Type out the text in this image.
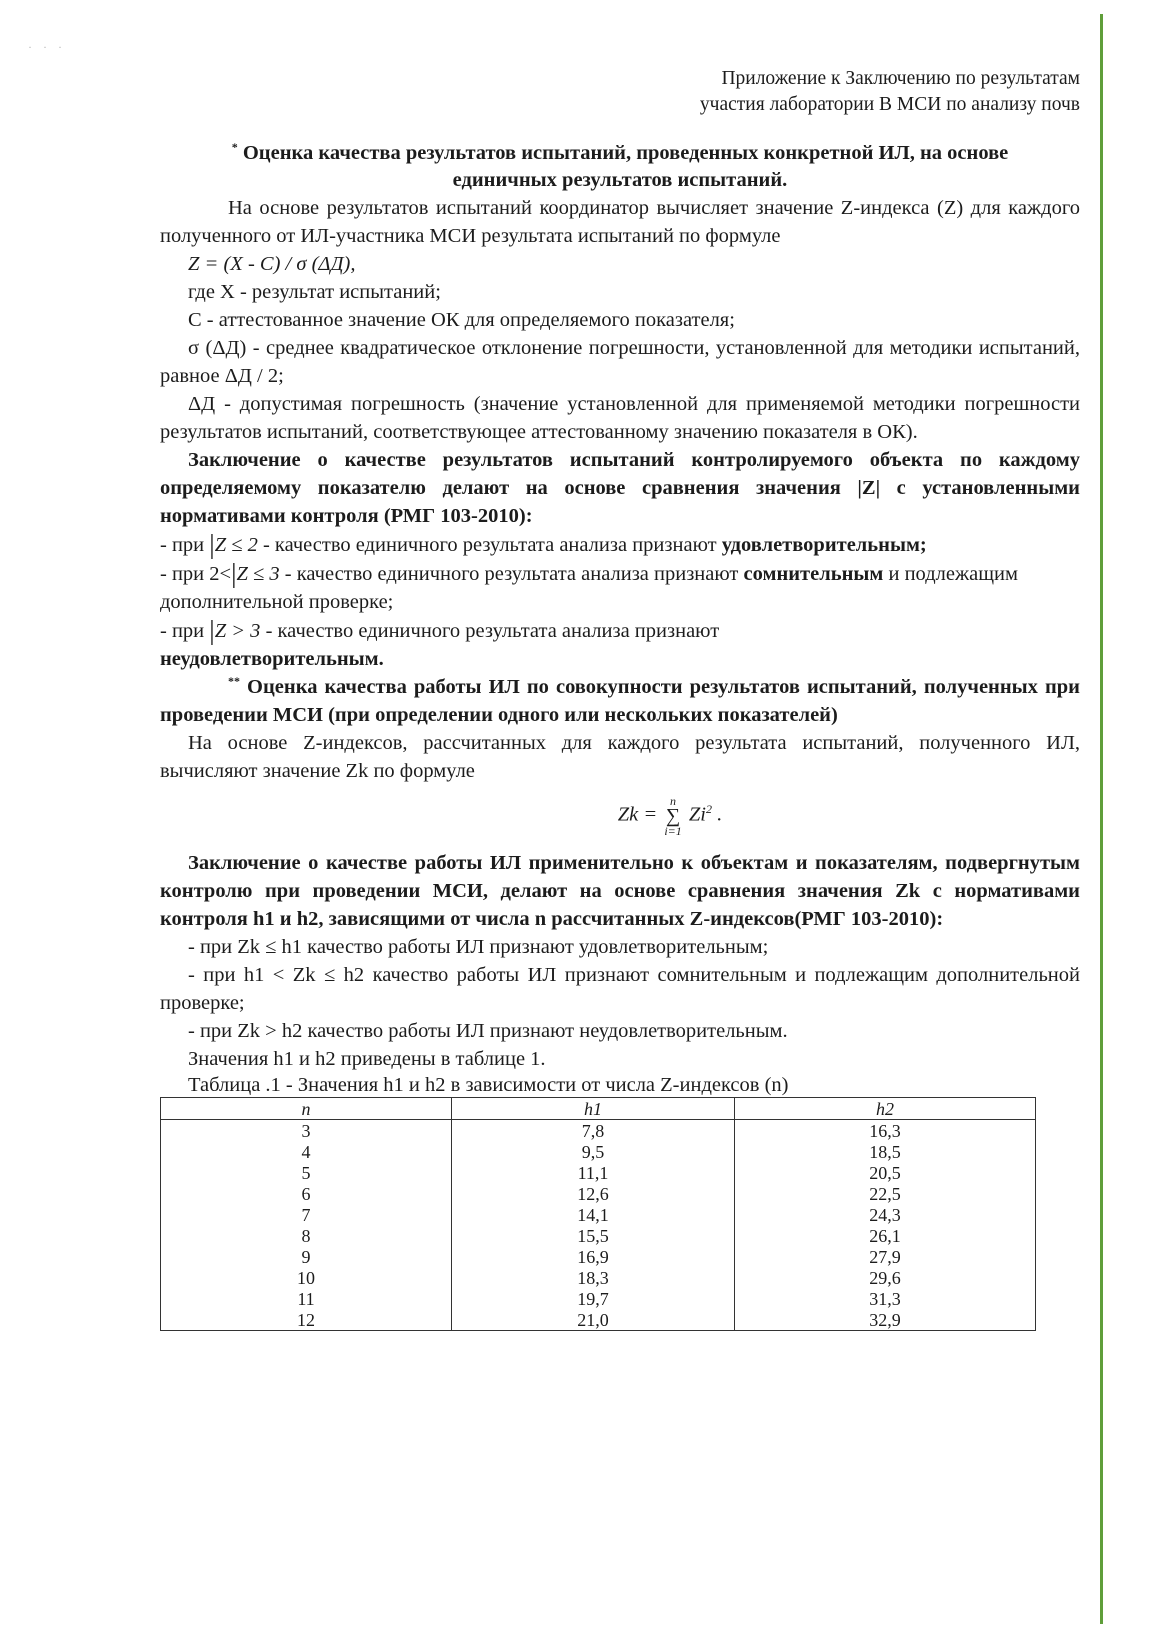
· · ·
Приложение к Заключению по результатам
участия лаборатории В МСИ по анализу почв
* Оценка качества результатов испытаний, проведенных конкретной ИЛ, на основе
единичных результатов испытаний.
На основе результатов испытаний координатор вычисляет значение Z-индекса (Z) для каждого полученного от ИЛ-участника МСИ результата испытаний по формуле
Z = (X - C) / σ (ΔД),
где X - результат испытаний;
C - аттестованное значение ОК для определяемого показателя;
σ (ΔД) - среднее квадратическое отклонение погрешности, установленной для методики испытаний, равное ΔД / 2;
ΔД - допустимая погрешность (значение установленной для применяемой методики погрешности результатов испытаний, соответствующее аттестованному значению показателя в ОК).
Заключение о качестве результатов испытаний контролируемого объекта по каждому определяемому показателю делают на основе сравнения значения |Z| с установленными нормативами контроля (РМГ 103-2010):
- при |Z ≤ 2 - качество единичного результата анализа признают удовлетворительным;
- при 2<|Z ≤ 3 - качество единичного результата анализа признают сомнительным и подлежащим дополнительной проверке;
- при |Z > 3 - качество единичного результата анализа признают
неудовлетворительным.
** Оценка качества работы ИЛ по совокупности результатов испытаний, полученных при проведении МСИ (при определении одного или нескольких показателей)
На основе Z-индексов, рассчитанных для каждого результата испытаний, полученного ИЛ, вычисляют значение Zk по формуле
Zk =
n
∑
i=1
Zi$^2$ .
Заключение о качестве работы ИЛ применительно к объектам и показателям, подвергнутым контролю при проведении МСИ, делают на основе сравнения значения Zk с нормативами контроля h1 и h2, зависящими от числа n рассчитанных Z-индексов(РМГ 103-2010):
- при Zk ≤ h1 качество работы ИЛ признают удовлетворительным;
- при h1 < Zk ≤ h2 качество работы ИЛ признают сомнительным и подлежащим дополнительной проверке;
- при Zk > h2 качество работы ИЛ признают неудовлетворительным.
Значения h1 и h2 приведены в таблице 1.
Таблица .1 - Значения h1 и h2 в зависимости от числа Z-индексов (n)
n	h1	h2
3	7,8	16,3
4	9,5	18,5
5	11,1	20,5
6	12,6	22,5
7	14,1	24,3
8	15,5	26,1
9	16,9	27,9
10	18,3	29,6
11	19,7	31,3
12	21,0	32,9
